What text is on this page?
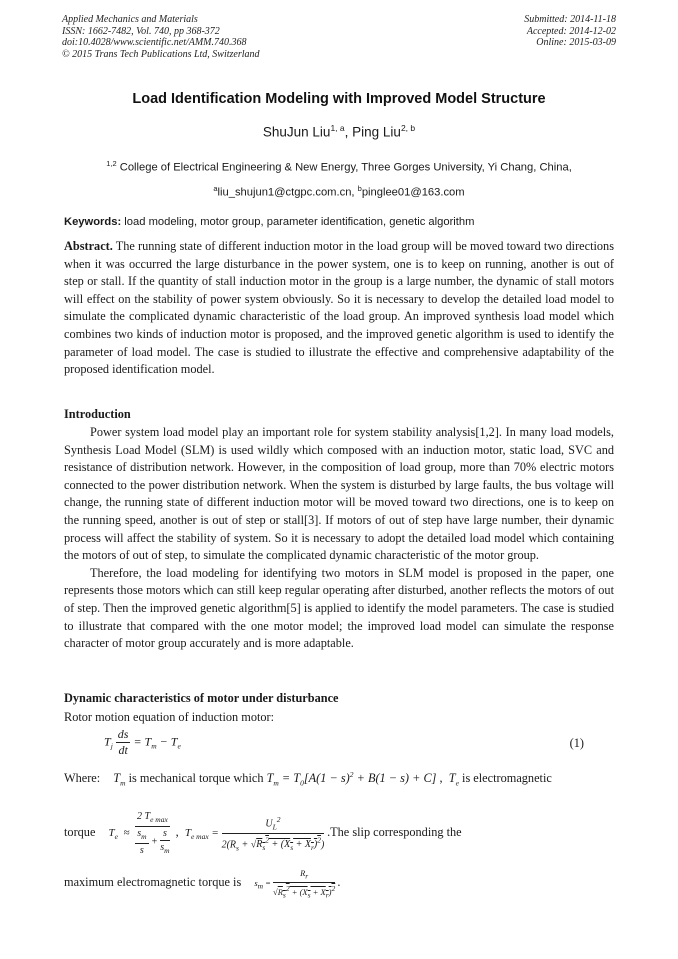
Applied Mechanics and Materials
ISSN: 1662-7482, Vol. 740, pp 368-372
doi:10.4028/www.scientific.net/AMM.740.368
© 2015 Trans Tech Publications Ltd, Switzerland
Submitted: 2014-11-18
Accepted: 2014-12-02
Online: 2015-03-09
Load Identification Modeling with Improved Model Structure
ShuJun Liu$^{1, a}$, Ping Liu$^{2, b}$
$^{1,2}$ College of Electrical Engineering & New Energy, Three Gorges University, Yi Chang, China,
$^a$liu_shujun1@ctgpc.com.cn, $^b$pinglee01@163.com
Keywords: load modeling, motor group, parameter identification, genetic algorithm
Abstract. The running state of different induction motor in the load group will be moved toward two directions when it was occurred the large disturbance in the power system, one is to keep on running, another is out of step or stall. If the quantity of stall induction motor in the group is a large number, the dynamic of stall motors will effect on the stability of power system obviously. So it is necessary to develop the detailed load model to simulate the complicated dynamic characteristic of the load group. An improved synthesis load model which combines two kinds of induction motor is proposed, and the improved genetic algorithm is used to identify the parameter of load model. The case is studied to illustrate the effective and comprehensive adaptability of the proposed identification model.
Introduction

Power system load model play an important role for system stability analysis[1,2]. In many load models, Synthesis Load Model (SLM) is used wildly which composed with an induction motor, static load, SVC and resistance of distribution network. However, in the composition of load group, more than 70% electric motors connected to the power distribution network. When the system is disturbed by large faults, the bus voltage will change, the running state of different induction motor will be moved toward two directions, one is to keep on the running speed, another is out of step or stall[3]. If motors of out of step have large number, their dynamic process will affect the stability of system. So it is necessary to adopt the detailed load model which containing the motors of out of step, to simulate the complicated dynamic characteristic of the motor group.

Therefore, the load modeling for identifying two motors in SLM model is proposed in the paper, one represents those motors which can still keep regular operating after disturbed, another reflects the motors of out of step. Then the improved genetic algorithm[5] is applied to identify the model parameters. The case is studied to illustrate that compared with the one motor model; the improved load model can simulate the response character of motor group accurately and is more adaptable.

Dynamic characteristics of motor under disturbance
Rotor motion equation of induction motor:
$T_j \frac{ds}{dt} = T_m - T_e$	(1)
Where: $T_m$ is mechanical torque which $T_m = T_0[A(1 - s)^2 + B(1 - s) + C]$ ,  $T_e$ is electromagnetic
torque $T_e \approx \frac{2 T_{e max}}{\frac{s_m}{s} + \frac{s}{s_m}}$ ,  $T_{e max} = \frac{U_L^2}{2(R_s + √R_s^2 + (X_s + X_r)^2)} .The$ slip corresponding the
maximum electromagnetic torque is $s_m = \frac{R_r}{√R_s^2 + (X_s + X_r)^2}$ .
